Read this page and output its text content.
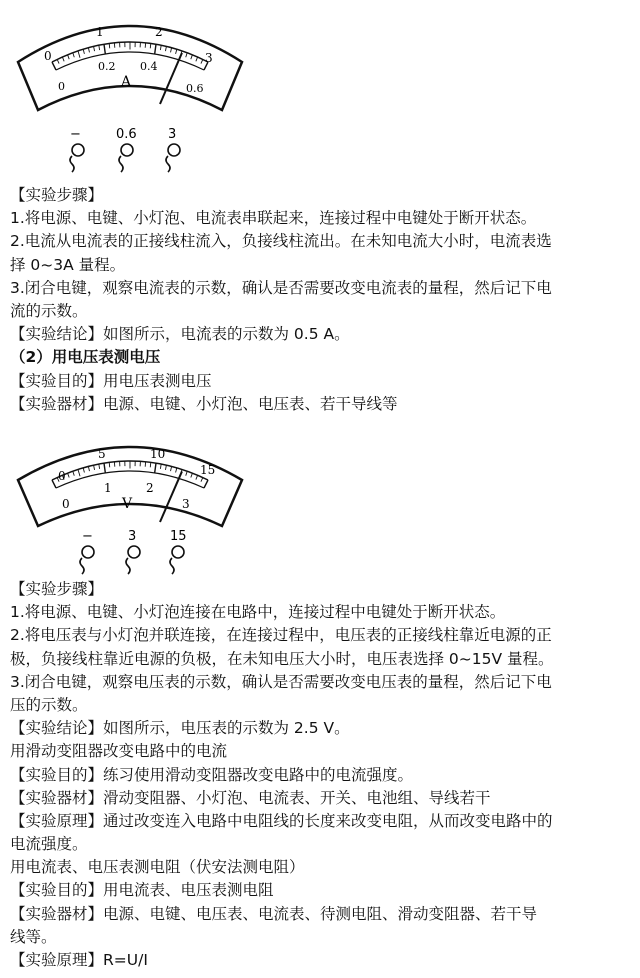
0
1	2
3
0
0.2 0.4
0.6
A
−	0.6 3
【实验步骤】
1.将电源、电键、小灯泡、电流表串联起来，连接过程中电键处于断开状态。
2.电流从电流表的正接线柱流入，负接线柱流出。在未知电流大小时，电流表选
择 0~3A 量程。
3.闭合电键，观察电流表的示数，确认是否需要改变电流表的量程，然后记下电
流的示数。
【实验结论】如图所示，电流表的示数为 0.5 A。
（2）用电压表测电压
【实验目的】用电压表测电压
【实验器材】电源、电键、小灯泡、电压表、若干导线等
0
5	10
15
0
1	2
3
V
−	3	15
【实验步骤】
1.将电源、电键、小灯泡连接在电路中，连接过程中电键处于断开状态。
2.将电压表与小灯泡并联连接，在连接过程中，电压表的正接线柱靠近电源的正
极，负接线柱靠近电源的负极，在未知电压大小时，电压表选择 0~15V 量程。
3.闭合电键，观察电压表的示数，确认是否需要改变电压表的量程，然后记下电
压的示数。
【实验结论】如图所示，电压表的示数为 2.5 V。
用滑动变阻器改变电路中的电流
【实验目的】练习使用滑动变阻器改变电路中的电流强度。
【实验器材】滑动变阻器、小灯泡、电流表、开关、电池组、导线若干
【实验原理】通过改变连入电路中电阻线的长度来改变电阻，从而改变电路中的
电流强度。
用电流表、电压表测电阻（伏安法测电阻）
【实验目的】用电流表、电压表测电阻
【实验器材】电源、电键、电压表、电流表、待测电阻、滑动变阻器、若干导
线等。
【实验原理】R=U/I
